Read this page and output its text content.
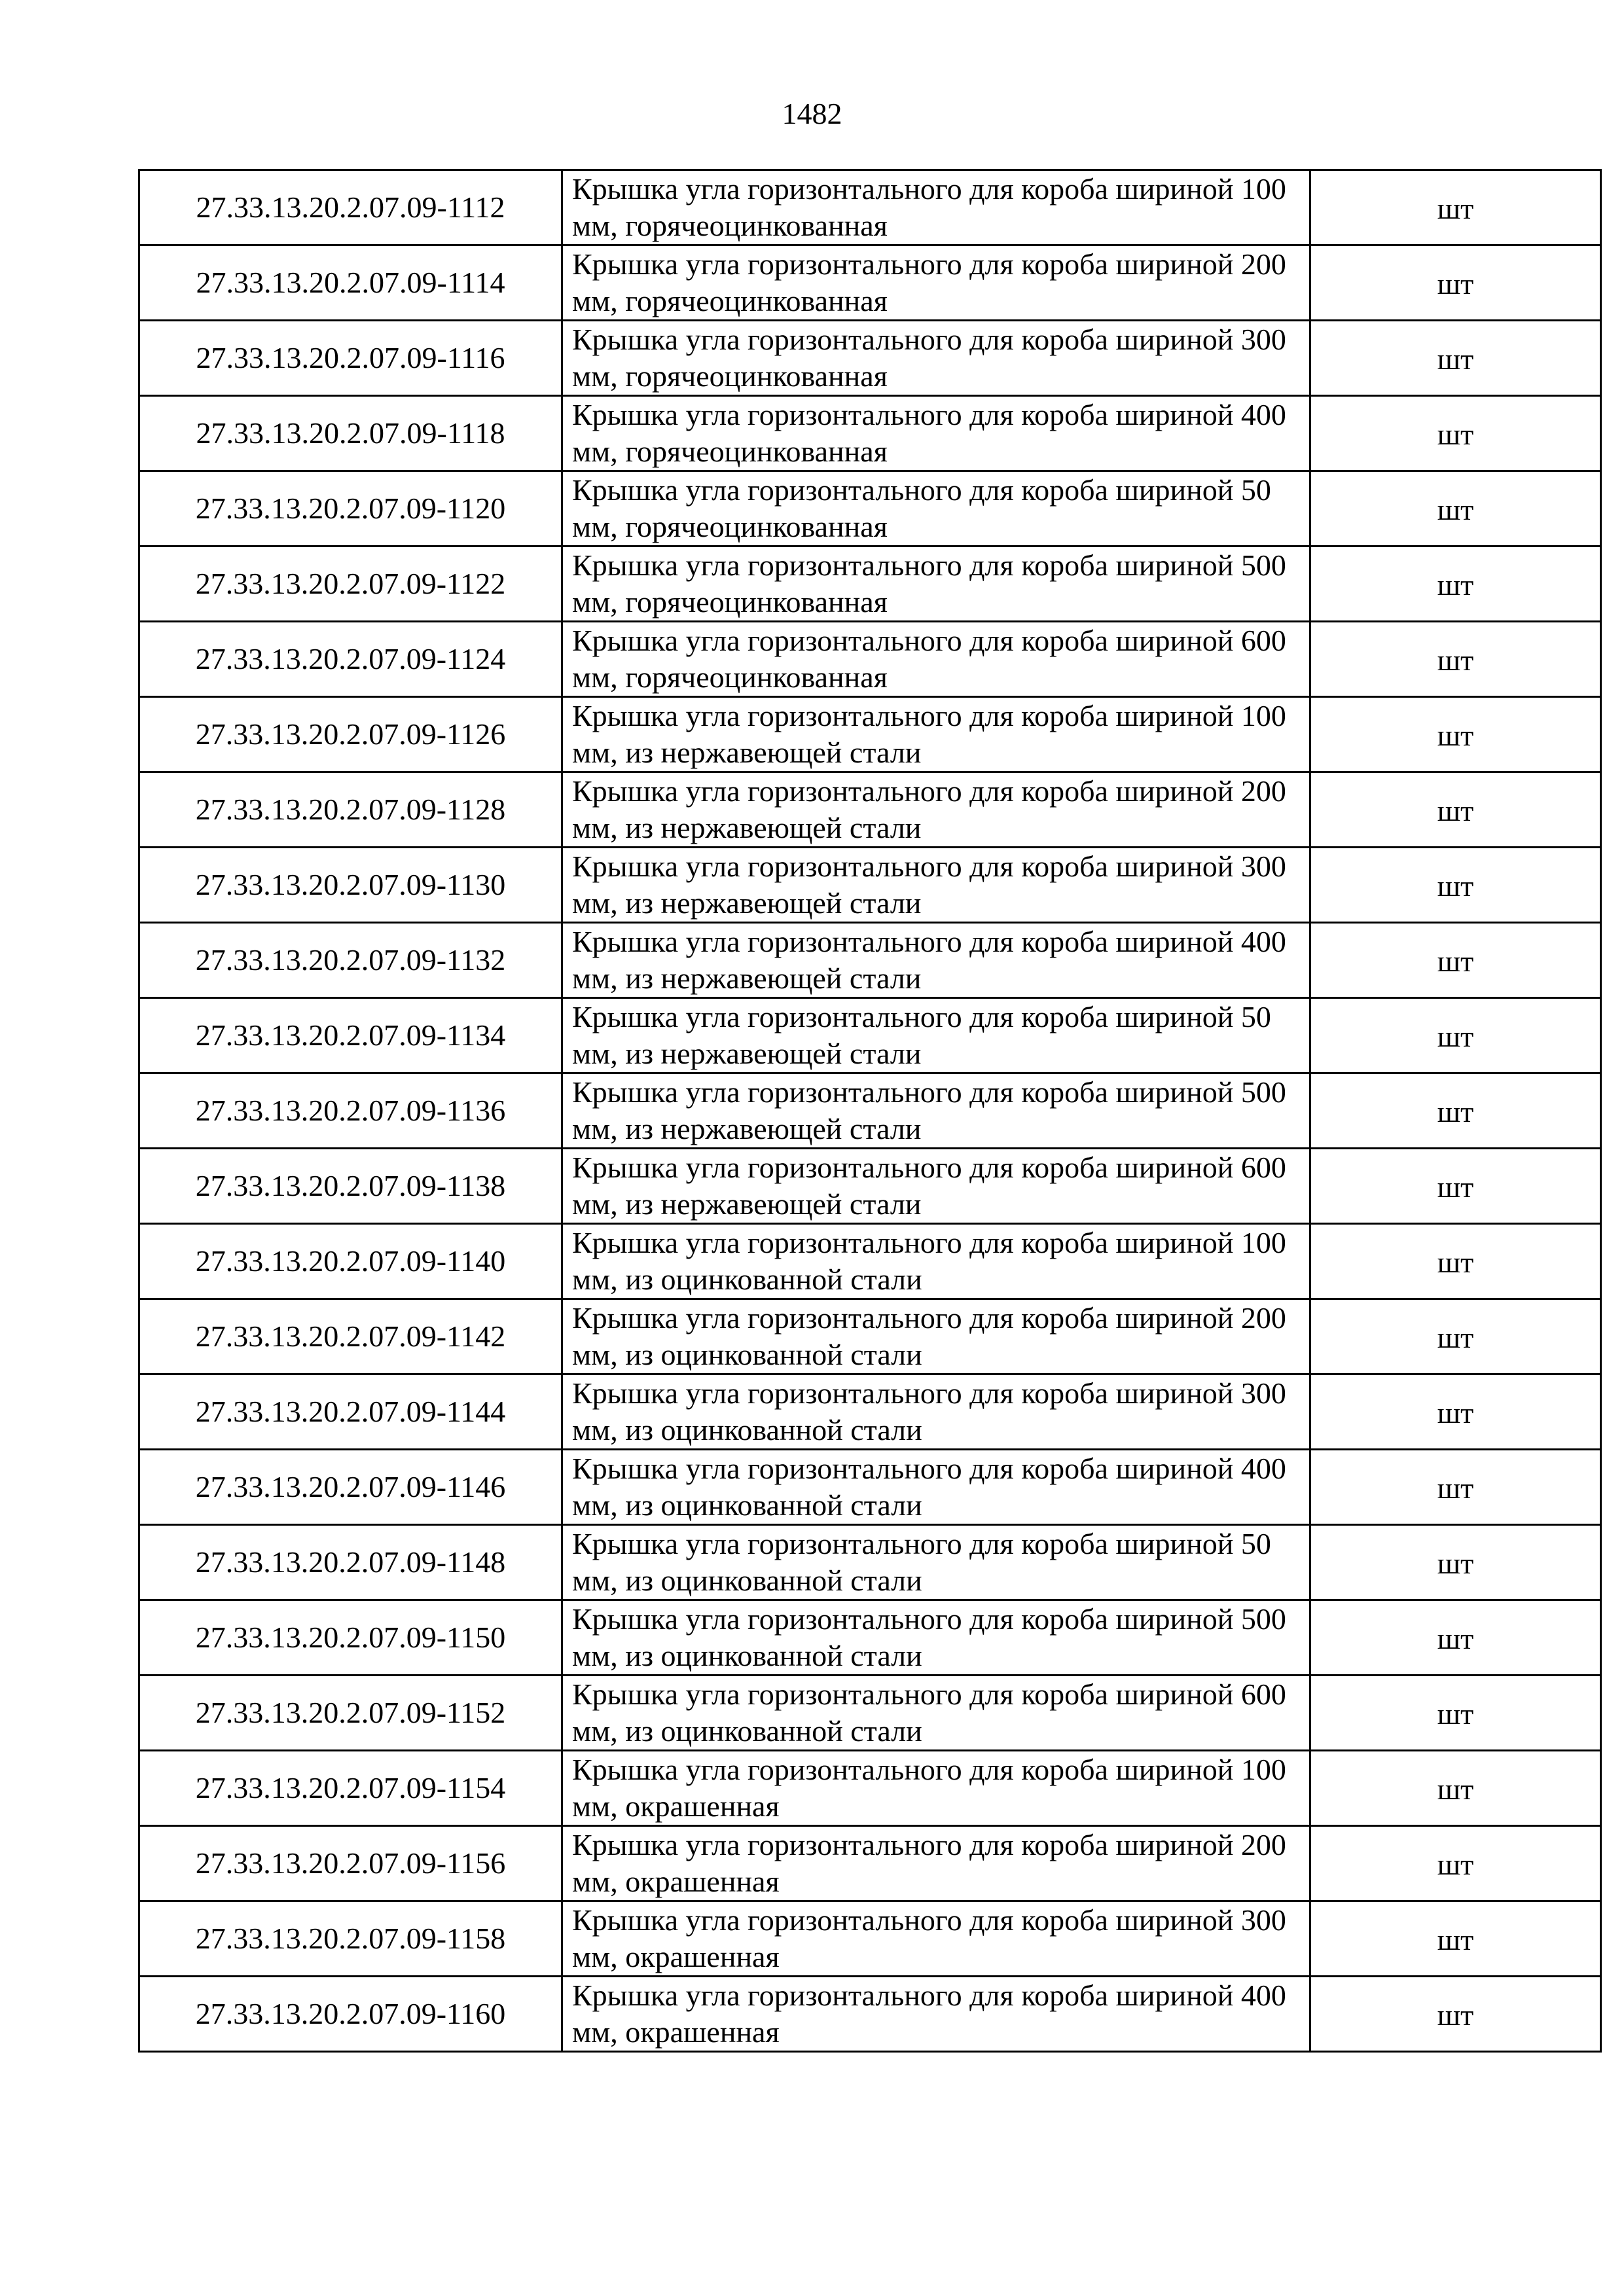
1482
27.33.13.20.2.07.09-1112	Крышка угла горизонтального для короба шириной 100 мм, горячеоцинкованная	шт
27.33.13.20.2.07.09-1114	Крышка угла горизонтального для короба шириной 200 мм, горячеоцинкованная	шт
27.33.13.20.2.07.09-1116	Крышка угла горизонтального для короба шириной 300 мм, горячеоцинкованная	шт
27.33.13.20.2.07.09-1118	Крышка угла горизонтального для короба шириной 400 мм, горячеоцинкованная	шт
27.33.13.20.2.07.09-1120	Крышка угла горизонтального для короба шириной 50 мм, горячеоцинкованная	шт
27.33.13.20.2.07.09-1122	Крышка угла горизонтального для короба шириной 500 мм, горячеоцинкованная	шт
27.33.13.20.2.07.09-1124	Крышка угла горизонтального для короба шириной 600 мм, горячеоцинкованная	шт
27.33.13.20.2.07.09-1126	Крышка угла горизонтального для короба шириной 100 мм, из нержавеющей стали	шт
27.33.13.20.2.07.09-1128	Крышка угла горизонтального для короба шириной 200 мм, из нержавеющей стали	шт
27.33.13.20.2.07.09-1130	Крышка угла горизонтального для короба шириной 300 мм, из нержавеющей стали	шт
27.33.13.20.2.07.09-1132	Крышка угла горизонтального для короба шириной 400 мм, из нержавеющей стали	шт
27.33.13.20.2.07.09-1134	Крышка угла горизонтального для короба шириной 50 мм, из нержавеющей стали	шт
27.33.13.20.2.07.09-1136	Крышка угла горизонтального для короба шириной 500 мм, из нержавеющей стали	шт
27.33.13.20.2.07.09-1138	Крышка угла горизонтального для короба шириной 600 мм, из нержавеющей стали	шт
27.33.13.20.2.07.09-1140	Крышка угла горизонтального для короба шириной 100 мм, из оцинкованной стали	шт
27.33.13.20.2.07.09-1142	Крышка угла горизонтального для короба шириной 200 мм, из оцинкованной стали	шт
27.33.13.20.2.07.09-1144	Крышка угла горизонтального для короба шириной 300 мм, из оцинкованной стали	шт
27.33.13.20.2.07.09-1146	Крышка угла горизонтального для короба шириной 400 мм, из оцинкованной стали	шт
27.33.13.20.2.07.09-1148	Крышка угла горизонтального для короба шириной 50 мм, из оцинкованной стали	шт
27.33.13.20.2.07.09-1150	Крышка угла горизонтального для короба шириной 500 мм, из оцинкованной стали	шт
27.33.13.20.2.07.09-1152	Крышка угла горизонтального для короба шириной 600 мм, из оцинкованной стали	шт
27.33.13.20.2.07.09-1154	Крышка угла горизонтального для короба шириной 100 мм, окрашенная	шт
27.33.13.20.2.07.09-1156	Крышка угла горизонтального для короба шириной 200 мм, окрашенная	шт
27.33.13.20.2.07.09-1158	Крышка угла горизонтального для короба шириной 300 мм, окрашенная	шт
27.33.13.20.2.07.09-1160	Крышка угла горизонтального для короба шириной 400 мм, окрашенная	шт
